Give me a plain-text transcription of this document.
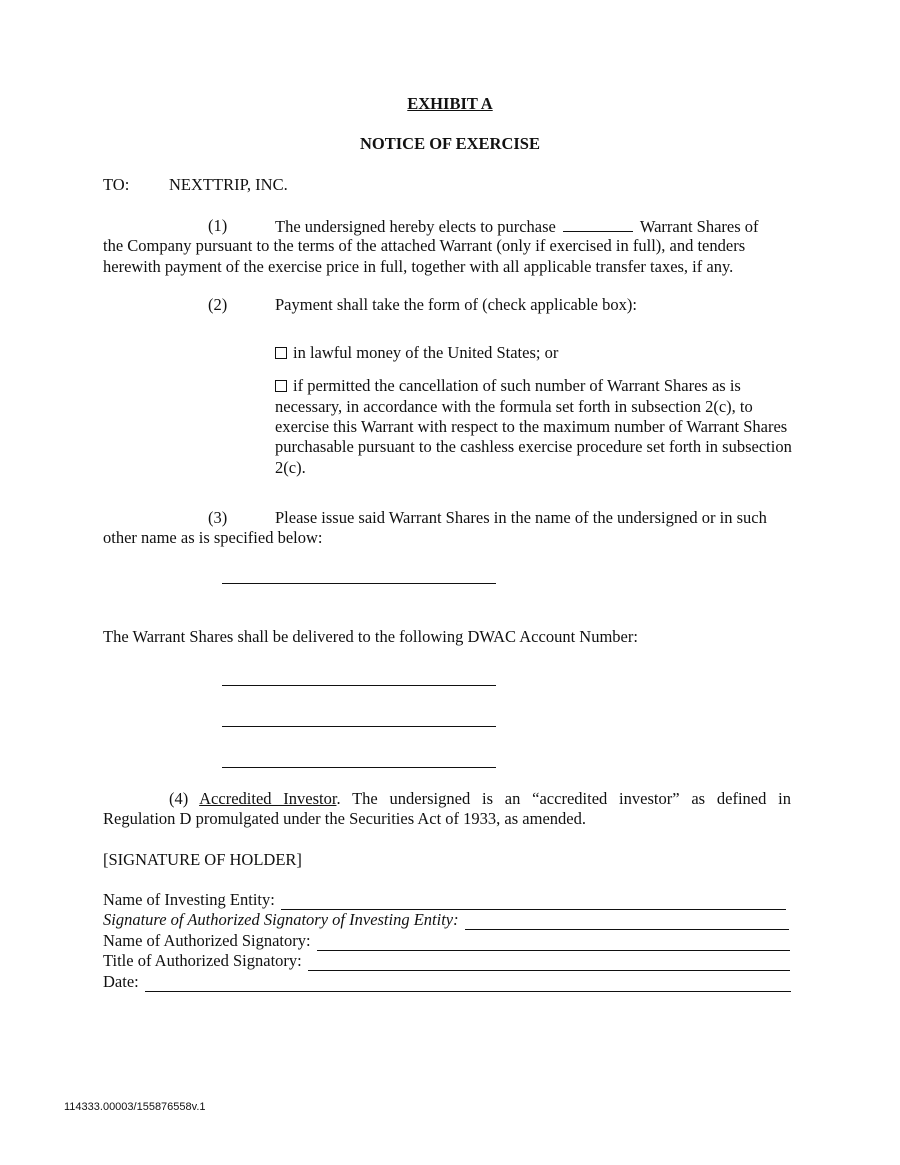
EXHIBIT A
NOTICE OF EXERCISE
TO: NEXTTRIP, INC.
(1)	The undersigned hereby elects to purchase	Warrant Shares of
the Company pursuant to the terms of the attached Warrant (only if exercised in full), and tenders
herewith payment of the exercise price in full, together with all applicable transfer taxes, if any.
(2)	Payment shall take the form of (check applicable box):
in lawful money of the United States; or
if permitted the cancellation of such number of Warrant Shares as is
necessary, in accordance with the formula set forth in subsection 2(c), to
exercise this Warrant with respect to the maximum number of Warrant Shares
purchasable pursuant to the cashless exercise procedure set forth in subsection
2(c).
(3)	Please issue said Warrant Shares in the name of the undersigned or in such
other name as is specified below:
The Warrant Shares shall be delivered to the following DWAC Account Number:
(4) Accredited Investor. The undersigned is an “accredited investor” as defined in
Regulation D promulgated under the Securities Act of 1933, as amended.
[SIGNATURE OF HOLDER]
Name of Investing Entity:
Signature of Authorized Signatory of Investing Entity:
Name of Authorized Signatory:
Title of Authorized Signatory:
Date:
114333.00003/155876558v.1
